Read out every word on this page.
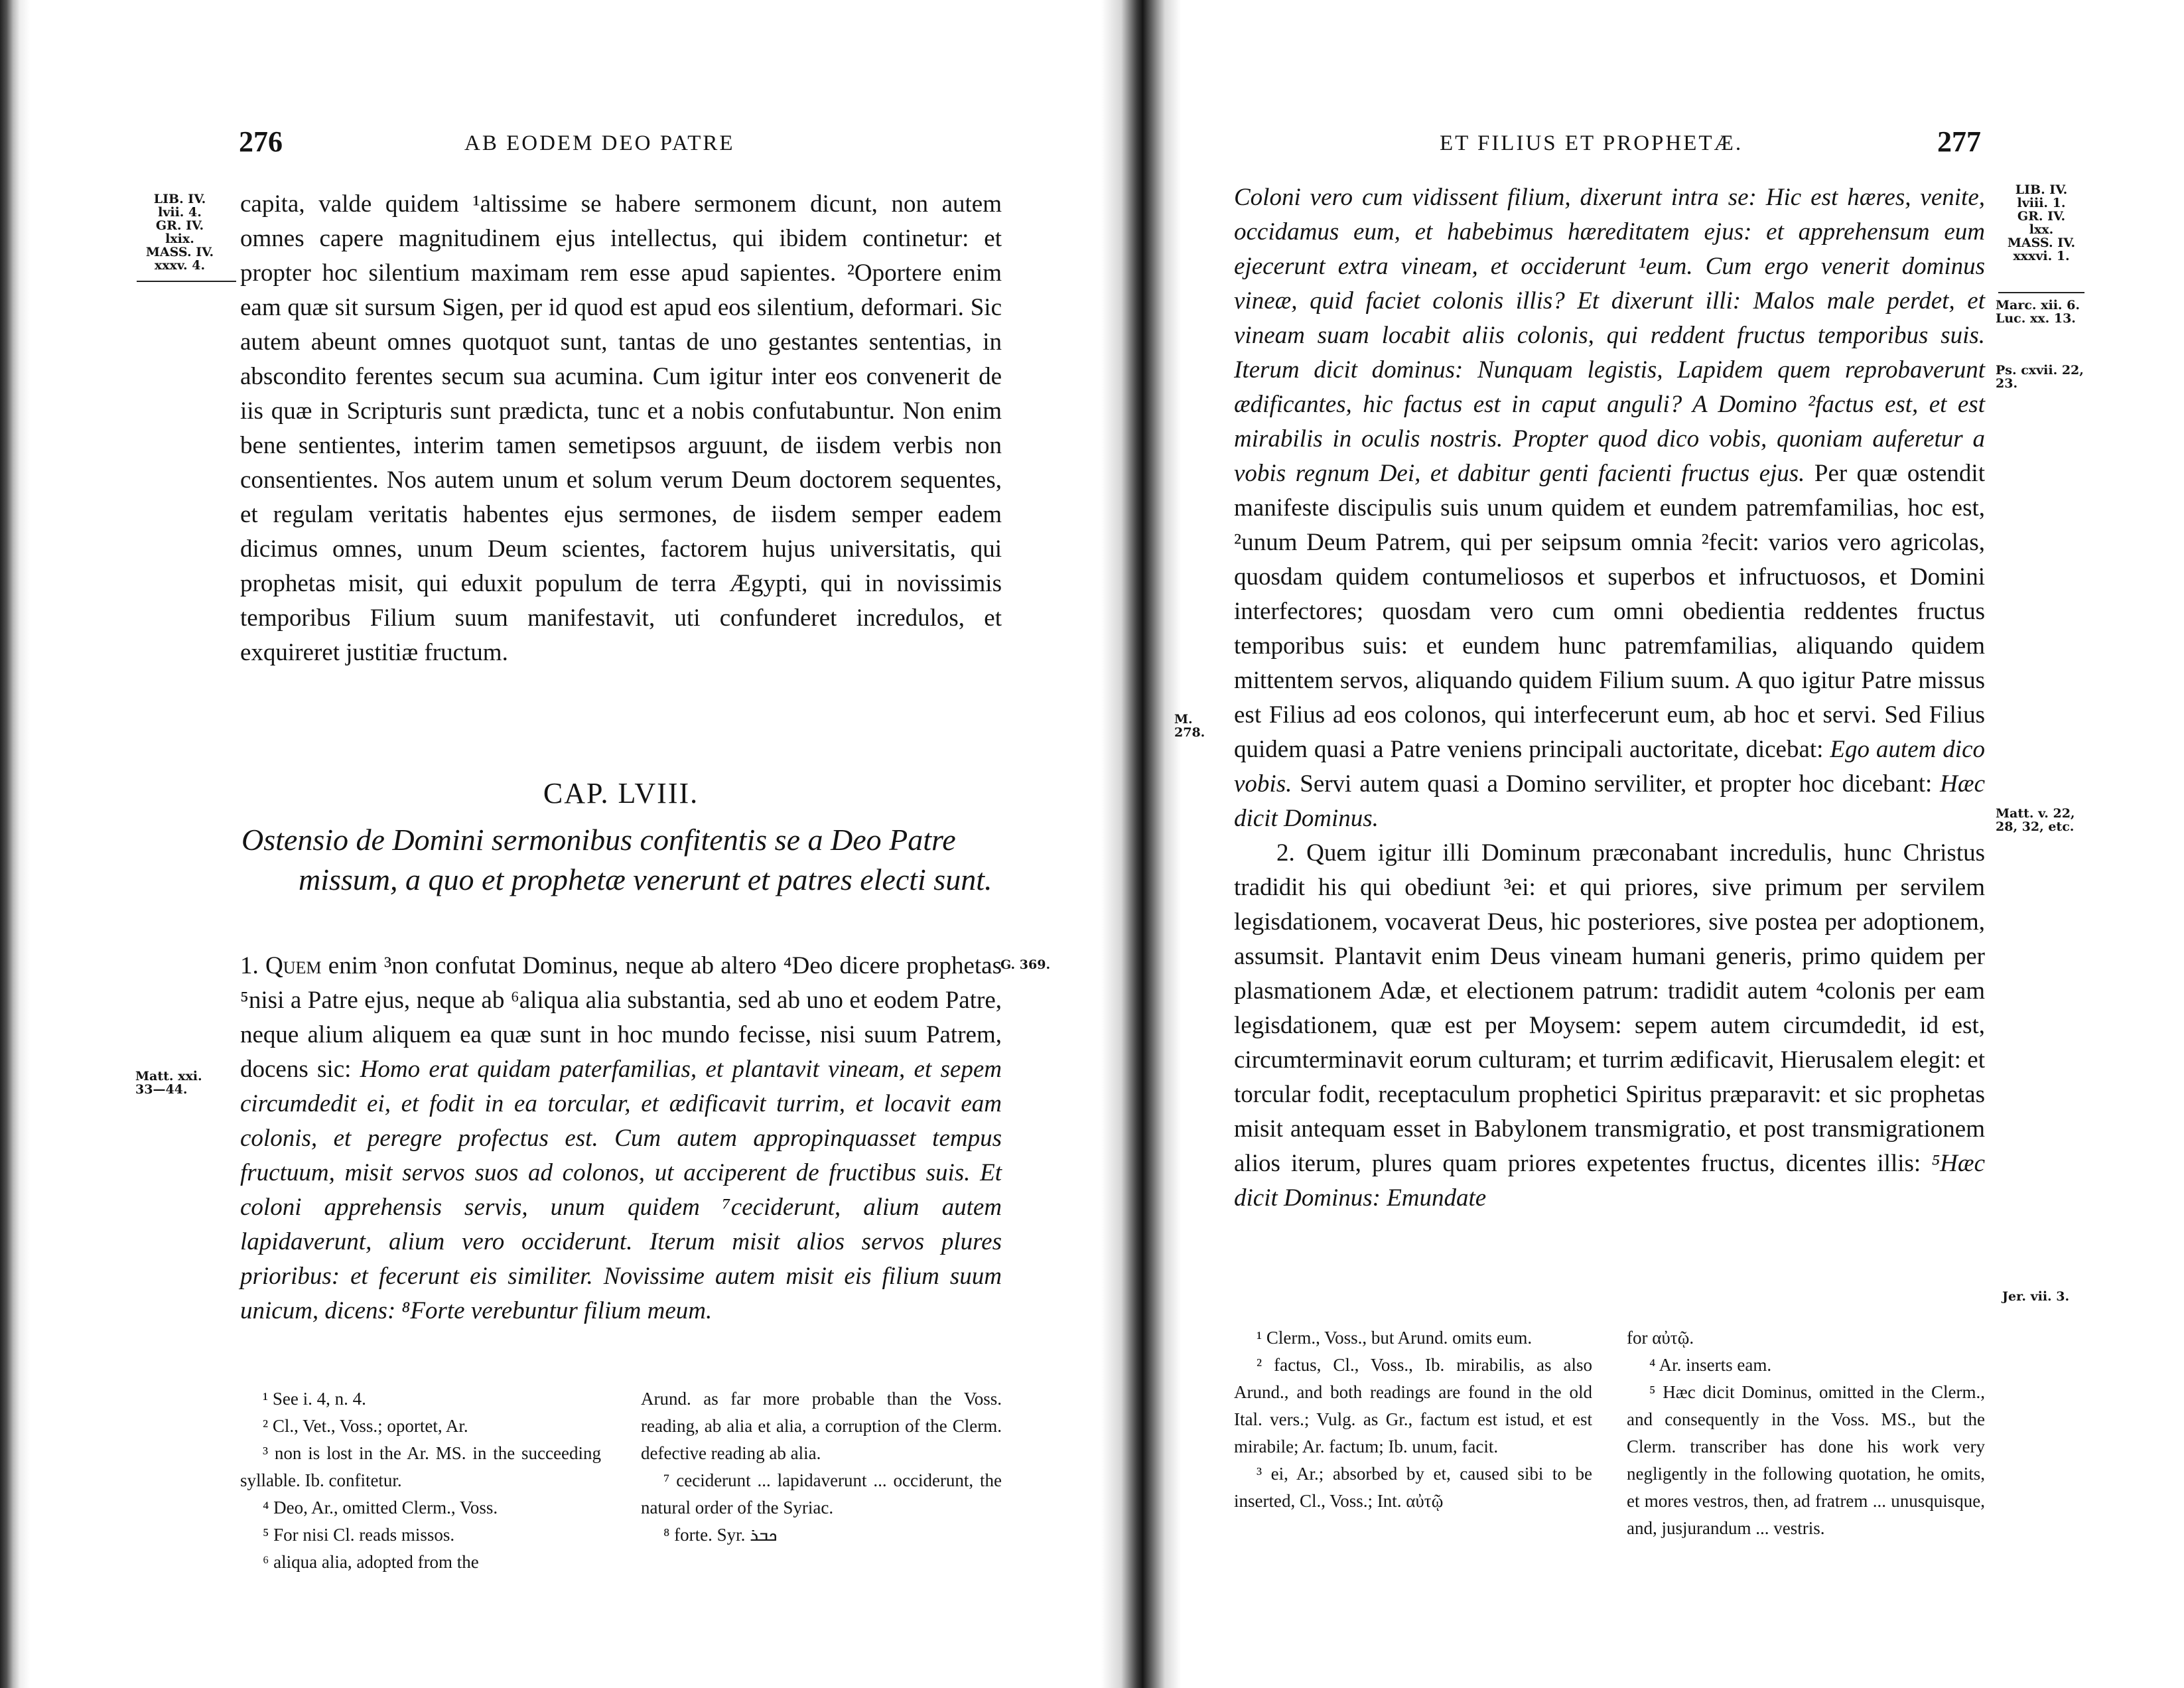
276	AB EODEM DEO PATRE
LIB. IV.
lvii. 4.
GR. IV.
lxix.
MASS. IV.
xxxv. 4.
Matt. xxi.
33—44.
G. 369.

capita, valde quidem ¹altissime se habere sermonem dicunt, non autem omnes capere magnitudinem ejus intellectus, qui ibidem continetur: et propter hoc silentium maximam rem esse apud sapientes. ²Oportere enim eam quæ sit sursum Sigen, per id quod est apud eos silentium, deformari. Sic autem abeunt omnes quotquot sunt, tantas de uno gestantes sententias, in abscondito ferentes secum sua acumina. Cum igitur inter eos convenerit de iis quæ in Scripturis sunt prædicta, tunc et a nobis confutabuntur. Non enim bene sentientes, interim tamen semetipsos arguunt, de iisdem verbis non consentientes. Nos autem unum et solum verum Deum doctorem sequentes, et regulam veritatis habentes ejus sermones, de iisdem semper eadem dicimus omnes, unum Deum scientes, factorem hujus universitatis, qui prophetas misit, qui eduxit populum de terra Ægypti, qui in novissimis temporibus Filium suum manifestavit, uti confunderet incredulos, et exquireret justitiæ fructum.

CAP. LVIII.
Ostensio de Domini sermonibus confitentis se a Deo Patre missum, a quo et prophetæ venerunt et patres electi sunt.

1. Quem enim ³non confutat Dominus, neque ab altero ⁴Deo dicere prophetas ⁵nisi a Patre ejus, neque ab ⁶aliqua alia substantia, sed ab uno et eodem Patre, neque alium aliquem ea quæ sunt in hoc mundo fecisse, nisi suum Patrem, docens sic: Homo erat quidam paterfamilias, et plantavit vineam, et sepem circumdedit ei, et fodit in ea torcular, et ædificavit turrim, et locavit eam colonis, et peregre profectus est. Cum autem appropinquasset tempus fructuum, misit servos suos ad colonos, ut acciperent de fructibus suis. Et coloni apprehensis servis, unum quidem ⁷ceciderunt, alium autem lapidaverunt, alium vero occiderunt. Iterum misit alios servos plures prioribus: et fecerunt eis similiter. Novissime autem misit eis filium suum unicum, dicens: ⁸Forte verebuntur filium meum.

¹ See i. 4, n. 4.
² Cl., Vet., Voss.; oportet, Ar.
³ non is lost in the Ar. MS. in the succeeding syllable. Ib. confitetur.
⁴ Deo, Ar., omitted Clerm., Voss.
⁵ For nisi Cl. reads missos.
⁶ aliqua alia, adopted from the
Arund. as far more probable than the Voss. reading, ab alia et alia, a corruption of the Clerm. defective reading ab alia.
⁷ ceciderunt ... lapidaverunt ... occiderunt, the natural order of the Syriac.
⁸ forte. Syr. ܟܒܪ
ET FILIUS ET PROPHETÆ.	277
LIB. IV.
lviii. 1.
GR. IV.
lxx.
MASS. IV.
xxxvi. 1.
Marc. xii. 6.
Luc. xx. 13.
Ps. cxvii. 22,
23.
M. 278.
Matt. v. 22,
28, 32, etc.
Jer. vii. 3.

Coloni vero cum vidissent filium, dixerunt intra se: Hic est hæres, venite, occidamus eum, et habebimus hæreditatem ejus: et apprehensum eum ejecerunt extra vineam, et occiderunt ¹eum. Cum ergo venerit dominus vineæ, quid faciet colonis illis? Et dixerunt illi: Malos male perdet, et vineam suam locabit aliis colonis, qui reddent fructus temporibus suis. Iterum dicit dominus: Nunquam legistis, Lapidem quem reprobaverunt ædificantes, hic factus est in caput anguli? A Domino ²factus est, et est mirabilis in oculis nostris. Propter quod dico vobis, quoniam auferetur a vobis regnum Dei, et dabitur genti facienti fructus ejus. Per quæ ostendit manifeste discipulis suis unum quidem et eundem patremfamilias, hoc est, ²unum Deum Patrem, qui per seipsum omnia ²fecit: varios vero agricolas, quosdam quidem contumeliosos et superbos et infructuosos, et Domini interfectores; quosdam vero cum omni obedientia reddentes fructus temporibus suis: et eundem hunc patremfamilias, aliquando quidem mittentem servos, aliquando quidem Filium suum. A quo igitur Patre missus est Filius ad eos colonos, qui interfecerunt eum, ab hoc et servi. Sed Filius quidem quasi a Patre veniens principali auctoritate, dicebat: Ego autem dico vobis. Servi autem quasi a Domino serviliter, et propter hoc dicebant: Hæc dicit Dominus.

2. Quem igitur illi Dominum præconabant incredulis, hunc Christus tradidit his qui obediunt ³ei: et qui priores, sive primum per servilem legisdationem, vocaverat Deus, hic posteriores, sive postea per adoptionem, assumsit. Plantavit enim Deus vineam humani generis, primo quidem per plasmationem Adæ, et electionem patrum: tradidit autem ⁴colonis per eam legisdationem, quæ est per Moysem: sepem autem circumdedit, id est, circumterminavit eorum culturam; et turrim ædificavit, Hierusalem elegit: et torcular fodit, receptaculum prophetici Spiritus præparavit: et sic prophetas misit antequam esset in Babylonem transmigratio, et post transmigrationem alios iterum, plures quam priores expetentes fructus, dicentes illis: ⁵Hæc dicit Dominus: Emundate

¹ Clerm., Voss., but Arund. omits eum.
² factus, Cl., Voss., Ib. mirabilis, as also Arund., and both readings are found in the old Ital. vers.; Vulg. as Gr., factum est istud, et est mirabile; Ar. factum; Ib. unum, facit.
³ ei, Ar.; absorbed by et, caused sibi to be inserted, Cl., Voss.; Int. αὐτῷ
for αὐτῷ.
⁴ Ar. inserts eam.
⁵ Hæc dicit Dominus, omitted in the Clerm., and consequently in the Voss. MS., but the Clerm. transcriber has done his work very negligently in the following quotation, he omits, et mores vestros, then, ad fratrem ... unusquisque, and, jusjurandum ... vestris.
